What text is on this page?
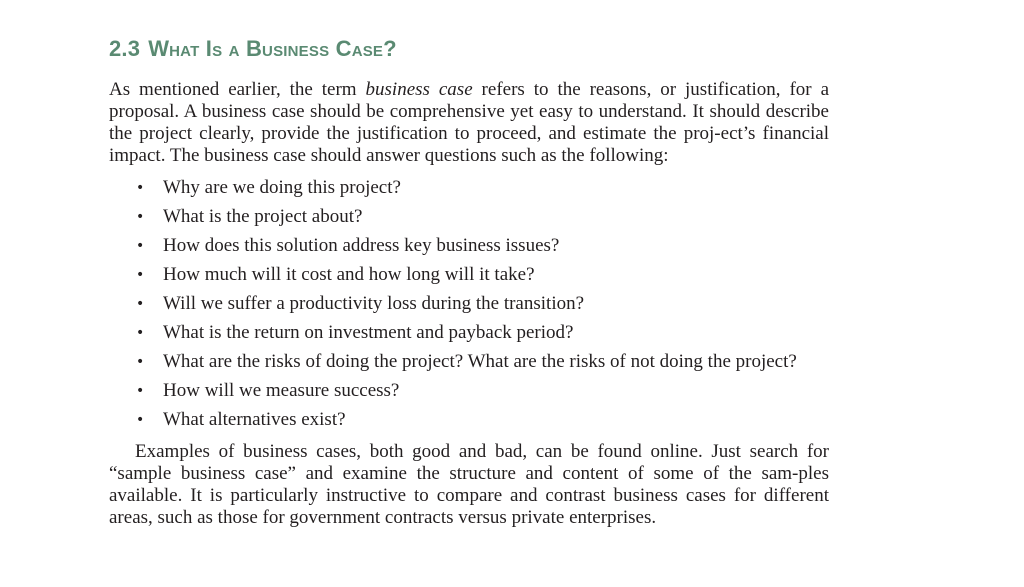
2.3 What Is a Business Case?

As mentioned earlier, the term business case refers to the reasons, or justification, for a proposal. A business case should be comprehensive yet easy to understand. It should describe the project clearly, provide the justification to proceed, and estimate the proj-ect’s financial impact. The business case should answer questions such as the following:

• Why are we doing this project?
• What is the project about?
• How does this solution address key business issues?
• How much will it cost and how long will it take?
• Will we suffer a productivity loss during the transition?
• What is the return on investment and payback period?
• What are the risks of doing the project? What are the risks of not doing the project?
• How will we measure success?
• What alternatives exist?

Examples of business cases, both good and bad, can be found online. Just search for “sample business case” and examine the structure and content of some of the sam-ples available. It is particularly instructive to compare and contrast business cases for different areas, such as those for government contracts versus private enterprises.
